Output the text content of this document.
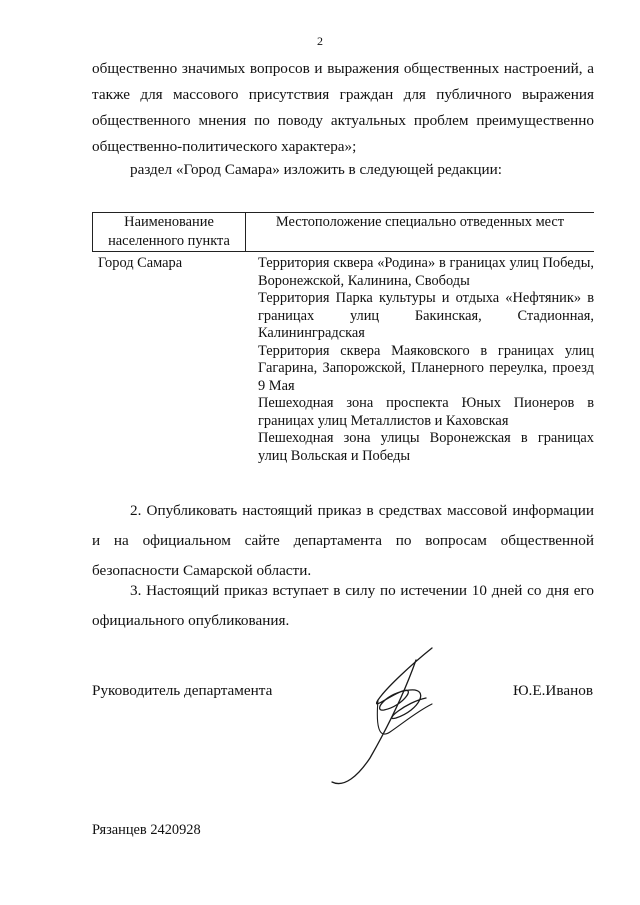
2

общественно значимых вопросов и выражения общественных настроений, а также для массового присутствия граждан для публичного выражения общественного мнения по поводу актуальных проблем преимущественно общественно-политического характера»;

раздел «Город Самара» изложить в следующей редакции:
Наименование населенного пункта
Местоположение специально отведенных мест
Город Самара	Территория сквера «Родина» в границах улиц Победы, Воронежской, Калинина, Свободы

Территория Парка культуры и отдыха «Нефтяник» в границах улиц Бакинская, Стадионная, Калининградская

Территория сквера Маяковского в границах улиц Гагарина, Запорожской, Планерного переулка, проезд 9 Мая

Пешеходная зона проспекта Юных Пионеров в границах улиц Металлистов и Каховская

Пешеходная зона улицы Воронежская в границах улиц Вольская и Победы

2. Опубликовать настоящий приказ в средствах массовой информации и на официальном сайте департамента по вопросам общественной безопасности Самарской области.

3. Настоящий приказ вступает в силу по истечении 10 дней со дня его официального опубликования.

Руководитель департамента	Ю.Е.Иванов
Рязанцев 2420928
